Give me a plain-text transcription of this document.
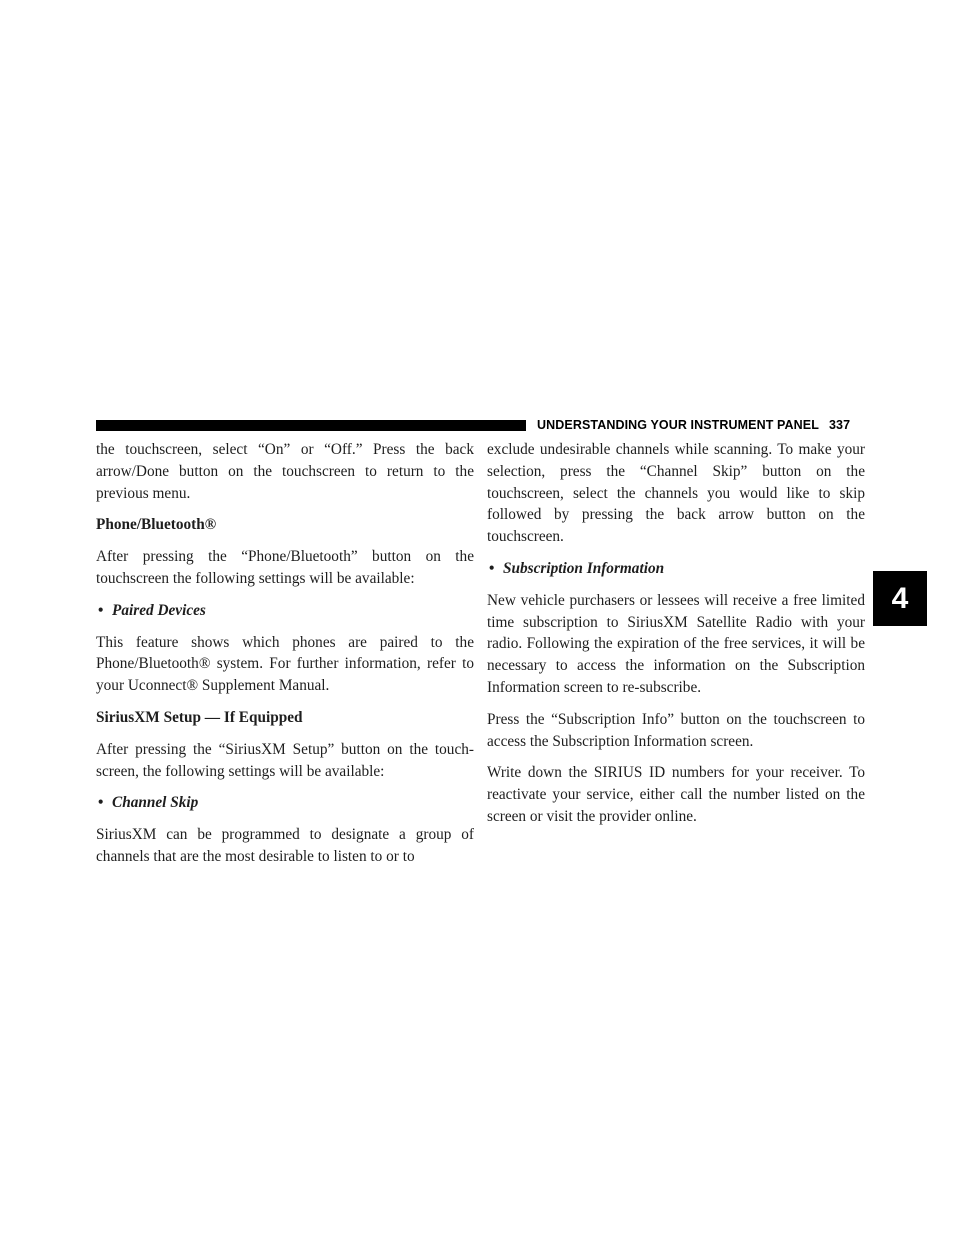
UNDERSTANDING YOUR INSTRUMENT PANEL 337
4

the touchscreen, select “On” or “Off.” Press the back arrow/Done button on the touchscreen to return to the previous menu.

Phone/Bluetooth®

After pressing the “Phone/Bluetooth” button on the touchscreen the following settings will be available:

• Paired Devices

This feature shows which phones are paired to the Phone/Bluetooth® system. For further information, refer to your Uconnect® Supplement Manual.

SiriusXM Setup — If Equipped

After pressing the “SiriusXM Setup” button on the touch-screen, the following settings will be available:

• Channel Skip

SiriusXM can be programmed to designate a group of channels that are the most desirable to listen to or to

exclude undesirable channels while scanning. To make your selection, press the “Channel Skip” button on the touchscreen, select the channels you would like to skip followed by pressing the back arrow button on the touchscreen.

• Subscription Information

New vehicle purchasers or lessees will receive a free limited time subscription to SiriusXM Satellite Radio with your radio. Following the expiration of the free services, it will be necessary to access the information on the Subscription Information screen to re-subscribe.

Press the “Subscription Info” button on the touchscreen to access the Subscription Information screen.

Write down the SIRIUS ID numbers for your receiver. To reactivate your service, either call the number listed on the screen or visit the provider online.
